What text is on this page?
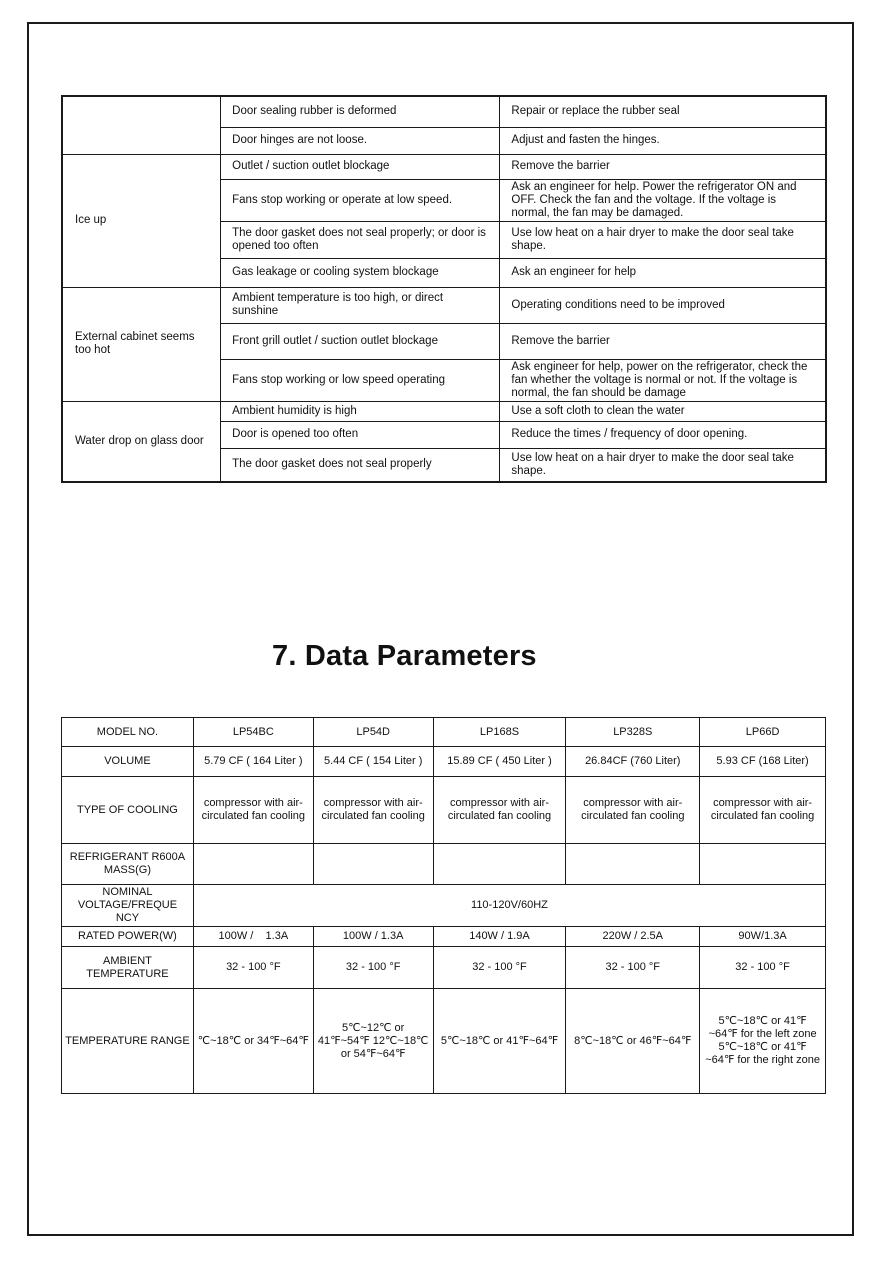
	Door sealing rubber is deformed	Repair or replace the rubber seal
	Door hinges are not loose.	Adjust and fasten the hinges.
Ice up	Outlet / suction outlet blockage	Remove the barrier
	Fans stop working or operate at low speed.	Ask an engineer for help. Power the refrigerator ON and OFF. Check the fan and the voltage. If the voltage is normal, the fan may be damaged.
	The door gasket does not seal properly; or door is opened too often	Use low heat on a hair dryer to make the door seal take shape.
	Gas leakage or cooling system blockage	Ask an engineer for help
External cabinet seems too hot	Ambient temperature is too high, or direct sunshine	Operating conditions need to be improved
	Front grill outlet / suction outlet blockage	Remove the barrier
	Fans stop working or low speed operating	Ask engineer for help, power on the refrigerator, check the fan whether the voltage is normal or not. If the voltage is normal, the fan should be damage
Water drop on glass door	Ambient humidity is high	Use a soft cloth to clean the water
	Door is opened too often	Reduce the times / frequency of door opening.
	The door gasket does not seal properly	Use low heat on a hair dryer to make the door seal take shape.
7. Data Parameters
MODEL NO.	LP54BC	LP54D	LP168S	LP328S	LP66D
VOLUME	5.79 CF ( 164 Liter )	5.44 CF ( 154 Liter )	15.89 CF ( 450 Liter )	26.84CF (760 Liter)	5.93 CF (168 Liter)
TYPE OF COOLING	compressor with air-circulated fan cooling	compressor with air-circulated fan cooling	compressor with air-circulated fan cooling	compressor with air-circulated fan cooling	compressor with air-circulated fan cooling
REFRIGERANT R600A MASS(G)					
NOMINAL VOLTAGE/FREQUE NCY	110-120V/60HZ				
RATED POWER(W)	100W /    1.3A	100W / 1.3A	140W / 1.9A	220W / 2.5A	90W/1.3A
AMBIENT TEMPERATURE	32 - 100 °F	32 - 100 °F	32 - 100 °F	32 - 100 °F	32 - 100 °F
TEMPERATURE RANGE	℃~18℃ or 34℉~64℉	5℃~12℃ or 41℉~54℉ 12℃~18℃ or 54℉~64℉	5℃~18℃ or 41℉~64℉	8℃~18℃ or 46℉~64℉	5℃~18℃ or 41℉ ~64℉ for the left zone 5℃~18℃ or 41℉ ~64℉ for the right zone
